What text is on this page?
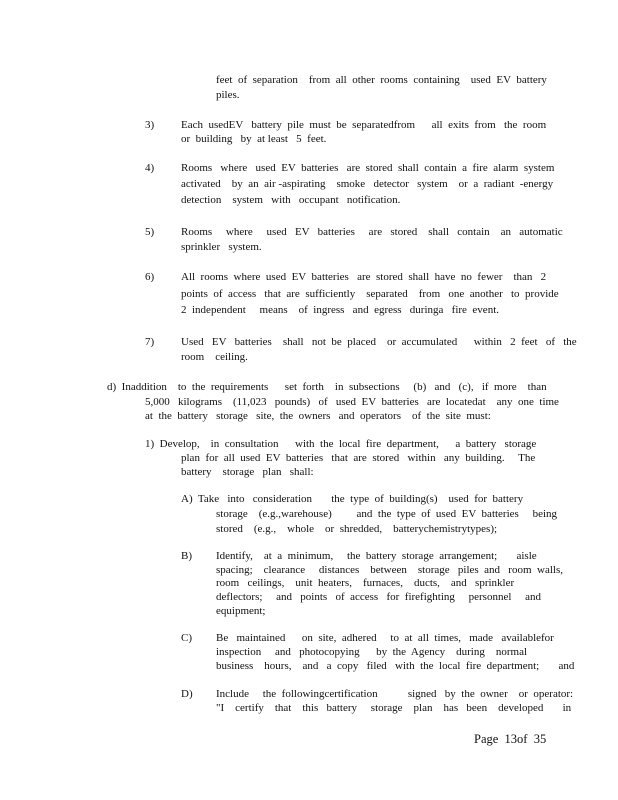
feet  of  separation    from  all  other  rooms  containing    used  EV  battery

piles.

3) Each  usedEV   battery  pile  must  be  separatedfrom      all  exits  from   the  room

or  building   by  at least   5  feet.

4) Rooms   where   used  EV  batteries   are  stored  shall  contain  a  fire  alarm  system

activated    by  an  air -aspirating    smoke   detector   system    or  a  radiant  -energy

detection    system   with   occupant   notification.

5) Rooms     where     used   EV   batteries     are   stored    shall   contain    an   automatic

sprinkler   system.

6) All  rooms  where  used  EV  batteries   are  stored  shall  have  no  fewer    than   2

points  of  access   that  are  sufficiently    separated    from   one  another   to  provide

2  independent     means    of  ingress   and  egress   duringa   fire  event.

7) Used   EV   batteries    shall   not  be  placed    or  accumulated      within   2  feet   of   the

room    ceiling.

d)  Inaddition    to  the  requirements      set  forth    in  subsections     (b)   and   (c),   if  more    than

5,000   kilograms    (11,023   pounds)   of   used  EV  batteries   are  locatedat    any  one  time

at  the  battery   storage   site,  the  owners   and  operators    of  the  site  must:

1)  Develop,    in  consultation      with  the  local  fire  department,      a  battery   storage

plan  for  all  used  EV  batteries   that  are  stored   within   any  building.     The

battery    storage   plan   shall:

A)  Take   into   consideration       the  type  of  building(s)    used  for  battery

storage    (e.g.,warehouse)         and  the  type  of  used  EV  batteries     being

stored    (e.g.,    whole    or  shredded,    batterychemistrytypes);

B) Identify,    at  a  minimum,     the  battery  storage  arrangement;       aisle

spacing;    clearance     distances    between    storage   piles  and   room  walls,

room   ceilings,    unit  heaters,    furnaces,    ducts,    and   sprinkler

deflectors;     and   points   of  access   for  firefighting     personnel     and

equipment;

C) Be   maintained      on  site,  adhered     to  at  all  times,   made   availablefor

inspection     and   photocopying      by  the  Agency    during    normal

business    hours,    and   a  copy   filed   with  the  local  fire  department;       and

D) Include     the  followingcertification           signed   by  the  owner    or  operator:

"I    certify    that    this   battery     storage    plan    has   been    developed       in

Page  13of  35
